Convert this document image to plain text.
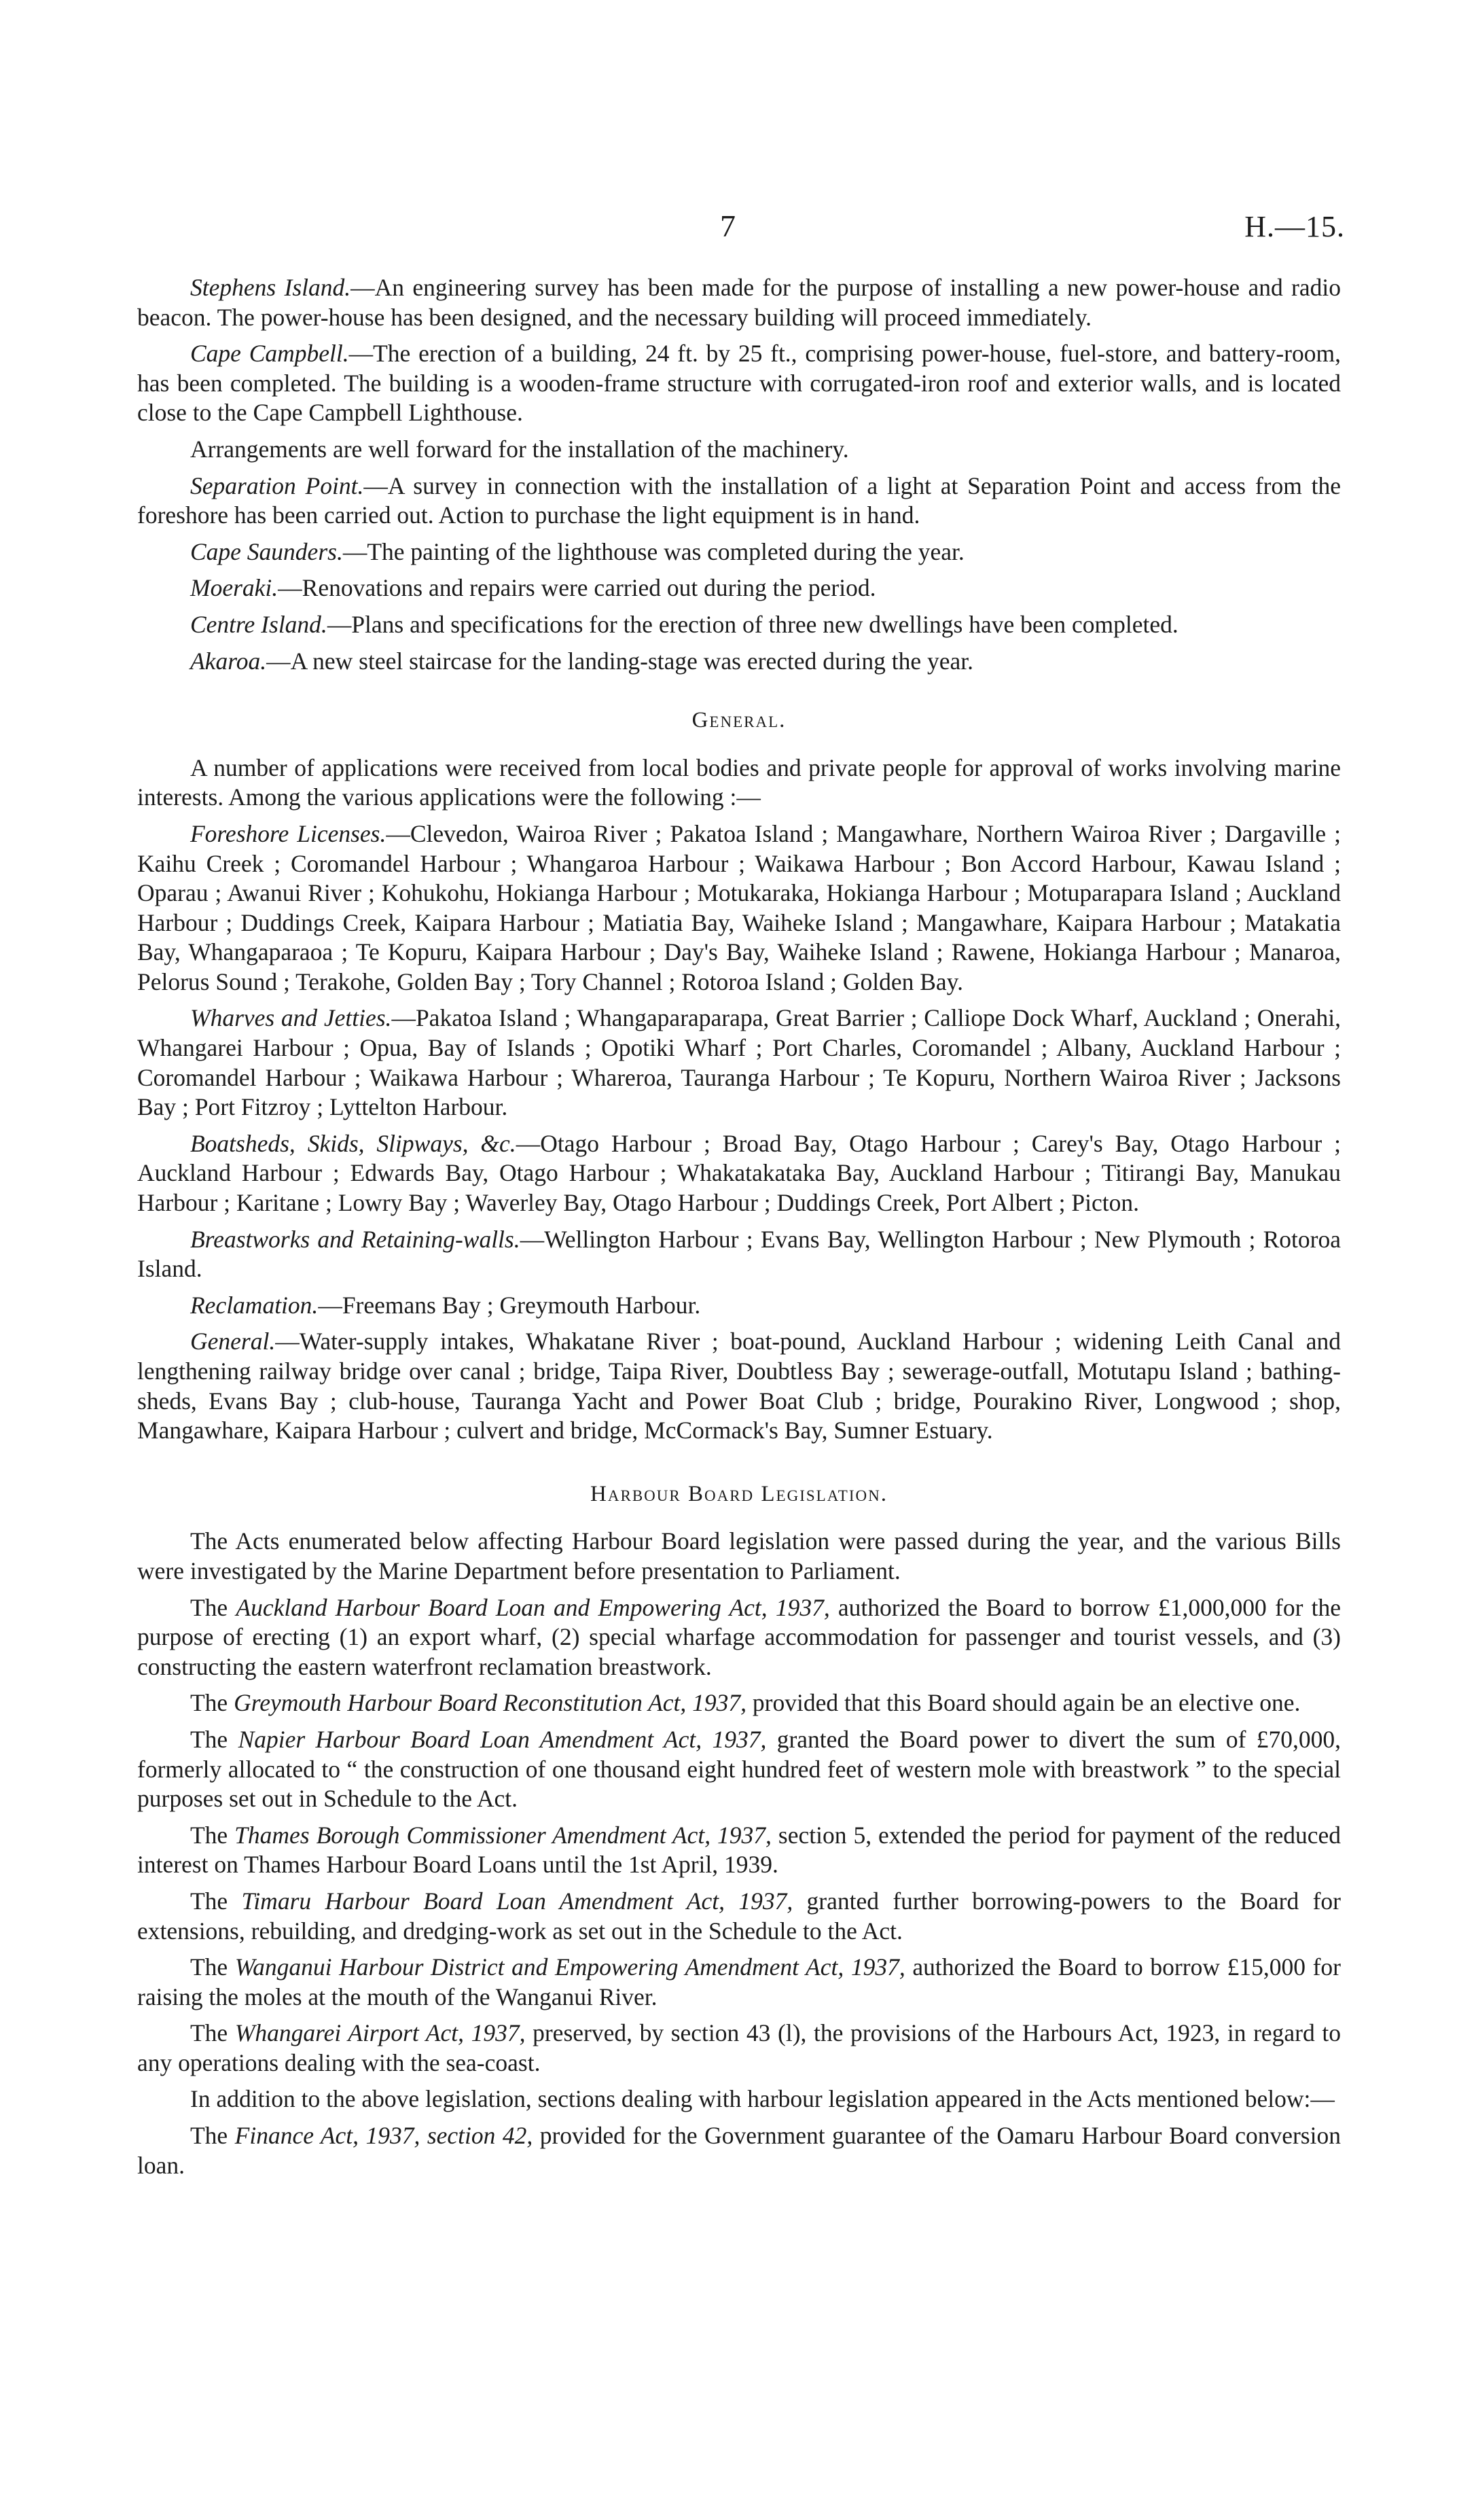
7	H.—15.

Stephens Island.—An engineering survey has been made for the purpose of installing a new power-house and radio beacon. The power-house has been designed, and the necessary building will proceed immediately.

Cape Campbell.—The erection of a building, 24 ft. by 25 ft., comprising power-house, fuel-store, and battery-room, has been completed. The building is a wooden-frame structure with corrugated-iron roof and exterior walls, and is located close to the Cape Campbell Lighthouse.

Arrangements are well forward for the installation of the machinery.

Separation Point.—A survey in connection with the installation of a light at Separation Point and access from the foreshore has been carried out. Action to purchase the light equipment is in hand.

Cape Saunders.—The painting of the lighthouse was completed during the year.

Moeraki.—Renovations and repairs were carried out during the period.

Centre Island.—Plans and specifications for the erection of three new dwellings have been completed.

Akaroa.—A new steel staircase for the landing-stage was erected during the year.

General.

A number of applications were received from local bodies and private people for approval of works involving marine interests. Among the various applications were the following :—

Foreshore Licenses.—Clevedon, Wairoa River ; Pakatoa Island ; Mangawhare, Northern Wairoa River ; Dargaville ; Kaihu Creek ; Coromandel Harbour ; Whangaroa Harbour ; Waikawa Harbour ; Bon Accord Harbour, Kawau Island ; Oparau ; Awanui River ; Kohukohu, Hokianga Harbour ; Motukaraka, Hokianga Harbour ; Motuparapara Island ; Auckland Harbour ; Duddings Creek, Kaipara Harbour ; Matiatia Bay, Waiheke Island ; Mangawhare, Kaipara Harbour ; Matakatia Bay, Whangaparaoa ; Te Kopuru, Kaipara Harbour ; Day's Bay, Waiheke Island ; Rawene, Hokianga Harbour ; Manaroa, Pelorus Sound ; Terakohe, Golden Bay ; Tory Channel ; Rotoroa Island ; Golden Bay.

Wharves and Jetties.—Pakatoa Island ; Whangaparaparapa, Great Barrier ; Calliope Dock Wharf, Auckland ; Onerahi, Whangarei Harbour ; Opua, Bay of Islands ; Opotiki Wharf ; Port Charles, Coromandel ; Albany, Auckland Harbour ; Coromandel Harbour ; Waikawa Harbour ; Whareroa, Tauranga Harbour ; Te Kopuru, Northern Wairoa River ; Jacksons Bay ; Port Fitzroy ; Lyttelton Harbour.

Boatsheds, Skids, Slipways, &c.—Otago Harbour ; Broad Bay, Otago Harbour ; Carey's Bay, Otago Harbour ; Auckland Harbour ; Edwards Bay, Otago Harbour ; Whakatakataka Bay, Auckland Harbour ; Titirangi Bay, Manukau Harbour ; Karitane ; Lowry Bay ; Waverley Bay, Otago Harbour ; Duddings Creek, Port Albert ; Picton.

Breastworks and Retaining-walls.—Wellington Harbour ; Evans Bay, Wellington Harbour ; New Plymouth ; Rotoroa Island.

Reclamation.—Freemans Bay ; Greymouth Harbour.

General.—Water-supply intakes, Whakatane River ; boat-pound, Auckland Harbour ; widening Leith Canal and lengthening railway bridge over canal ; bridge, Taipa River, Doubtless Bay ; sewerage-outfall, Motutapu Island ; bathing-sheds, Evans Bay ; club-house, Tauranga Yacht and Power Boat Club ; bridge, Pourakino River, Longwood ; shop, Mangawhare, Kaipara Harbour ; culvert and bridge, McCormack's Bay, Sumner Estuary.

Harbour Board Legislation.

The Acts enumerated below affecting Harbour Board legislation were passed during the year, and the various Bills were investigated by the Marine Department before presentation to Parliament.

The Auckland Harbour Board Loan and Empowering Act, 1937, authorized the Board to borrow £1,000,000 for the purpose of erecting (1) an export wharf, (2) special wharfage accommodation for passenger and tourist vessels, and (3) constructing the eastern waterfront reclamation breastwork.

The Greymouth Harbour Board Reconstitution Act, 1937, provided that this Board should again be an elective one.

The Napier Harbour Board Loan Amendment Act, 1937, granted the Board power to divert the sum of £70,000, formerly allocated to “ the construction of one thousand eight hundred feet of western mole with breastwork ” to the special purposes set out in Schedule to the Act.

The Thames Borough Commissioner Amendment Act, 1937, section 5, extended the period for payment of the reduced interest on Thames Harbour Board Loans until the 1st April, 1939.

The Timaru Harbour Board Loan Amendment Act, 1937, granted further borrowing-powers to the Board for extensions, rebuilding, and dredging-work as set out in the Schedule to the Act.

The Wanganui Harbour District and Empowering Amendment Act, 1937, authorized the Board to borrow £15,000 for raising the moles at the mouth of the Wanganui River.

The Whangarei Airport Act, 1937, preserved, by section 43 (l), the provisions of the Harbours Act, 1923, in regard to any operations dealing with the sea-coast.

In addition to the above legislation, sections dealing with harbour legislation appeared in the Acts mentioned below:—

The Finance Act, 1937, section 42, provided for the Government guarantee of the Oamaru Harbour Board conversion loan.
